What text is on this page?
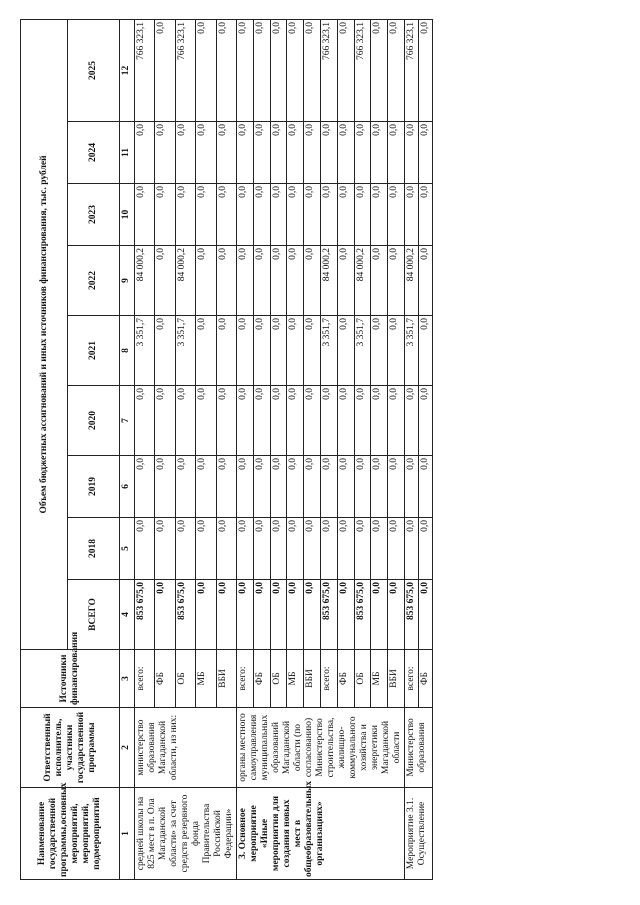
Наименование государственной программы,основных мероприятий, мероприятий, подмероприятий	Ответственный исполнитель, участники государственной программы	Источники финансирования	Объем бюджетных ассигнований и иных источников финансирования, тыс. рублей								
			ВСЕГО	2018	2019	2020	2021	2022	2023	2024	2025
1	2	3	4	5	6	7	8	9	10	11	12
средней школы на 825 мест в п. Ола Магаданской области» за счет средств резервного фонда Правительства Российской Федерации»	министерство образования Магаданской области, из них:	всего:	853 675,0	0,0	0,0	0,0	3 351,7	84 000,2	0,0	0,0	766 323,1
		ФБ	0,0	0,0	0,0	0,0	0,0	0,0	0,0	0,0	0,0
		ОБ	853 675,0	0,0	0,0	0,0	3 351,7	84 000,2	0,0	0,0	766 323,1
		МБ	0,0	0,0	0,0	0,0	0,0	0,0	0,0	0,0	0,0
		ВБИ	0,0	0,0	0,0	0,0	0,0	0,0	0,0	0,0	0,0
3. Основное мероприятие «Иные мероприятия для создания новых мест в общеобразовательных организациях»	органы местного самоуправления муниципальных образований Магаданской области (по согласованию) Министерство строительства, жилищно-коммунального хозяйства и энергетики Магаданской области	всего:	0,0	0,0	0,0	0,0	0,0	0,0	0,0	0,0	0,0
		ФБ	0,0	0,0	0,0	0,0	0,0	0,0	0,0	0,0	0,0
		ОБ	0,0	0,0	0,0	0,0	0,0	0,0	0,0	0,0	0,0
		МБ	0,0	0,0	0,0	0,0	0,0	0,0	0,0	0,0	0,0
		ВБИ	0,0	0,0	0,0	0,0	0,0	0,0	0,0	0,0	0,0
		всего:	853 675,0	0,0	0,0	0,0	3 351,7	84 000,2	0,0	0,0	766 323,1
		ФБ	0,0	0,0	0,0	0,0	0,0	0,0	0,0	0,0	0,0
		ОБ	853 675,0	0,0	0,0	0,0	3 351,7	84 000,2	0,0	0,0	766 323,1
		МБ	0,0	0,0	0,0	0,0	0,0	0,0	0,0	0,0	0,0
		ВБИ	0,0	0,0	0,0	0,0	0,0	0,0	0,0	0,0	0,0
Мероприятие 3.1. Осуществление	Министерство образования	всего:	853 675,0	0,0	0,0	0,0	3 351,7	84 000,2	0,0	0,0	766 323,1
		ФБ	0,0	0,0	0,0	0,0	0,0	0,0	0,0	0,0	0,0
